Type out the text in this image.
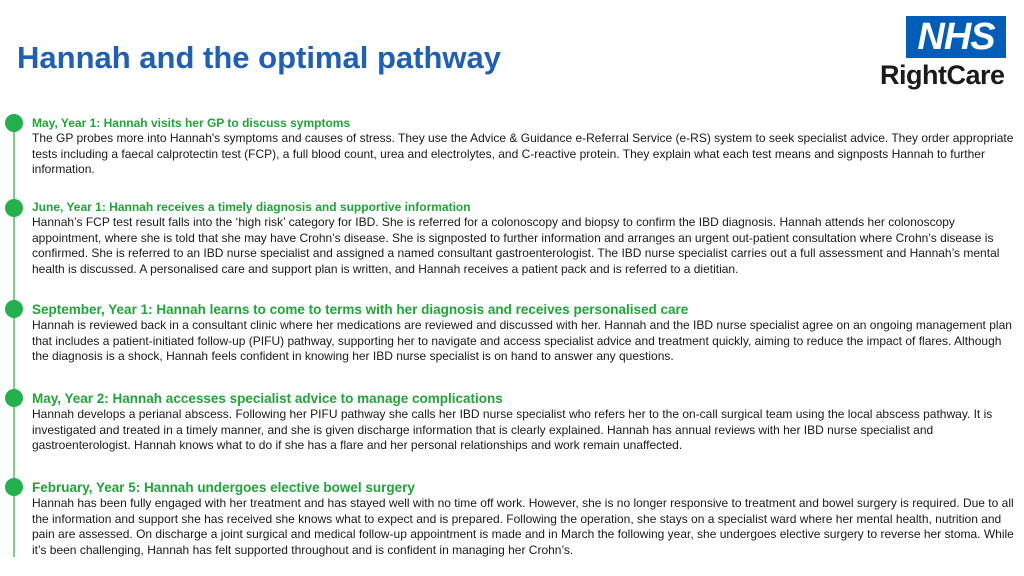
Hannah and the optimal pathway	NHS
RightCare
May, Year 1: Hannah visits her GP to discuss symptoms
The GP probes more into Hannah's symptoms and causes of stress. They use the Advice & Guidance e-Referral Service (e-RS) system to seek specialist advice. They order appropriate tests including a faecal calprotectin test (FCP), a full blood count, urea and electrolytes, and C-reactive protein. They explain what each test means and signposts Hannah to further information.
June, Year 1: Hannah receives a timely diagnosis and supportive information
Hannah’s FCP test result falls into the ‘high risk’ category for IBD. She is referred for a colonoscopy and biopsy to confirm the IBD diagnosis. Hannah attends her colonoscopy appointment, where she is told that she may have Crohn’s disease. She is signposted to further information and arranges an urgent out-patient consultation where Crohn’s disease is confirmed. She is referred to an IBD nurse specialist and assigned a named consultant gastroenterologist. The IBD nurse specialist carries out a full assessment and Hannah’s mental health is discussed. A personalised care and support plan is written, and Hannah receives a patient pack and is referred to a dietitian.
September, Year 1: Hannah learns to come to terms with her diagnosis and receives personalised care
Hannah is reviewed back in a consultant clinic where her medications are reviewed and discussed with her. Hannah and the IBD nurse specialist agree on an ongoing management plan that includes a patient-initiated follow-up (PIFU) pathway, supporting her to navigate and access specialist advice and treatment quickly, aiming to reduce the impact of flares. Although the diagnosis is a shock, Hannah feels confident in knowing her IBD nurse specialist is on hand to answer any questions.
May, Year 2: Hannah accesses specialist advice to manage complications
Hannah develops a perianal abscess. Following her PIFU pathway she calls her IBD nurse specialist who refers her to the on-call surgical team using the local abscess pathway. It is investigated and treated in a timely manner, and she is given discharge information that is clearly explained. Hannah has annual reviews with her IBD nurse specialist and gastroenterologist. Hannah knows what to do if she has a flare and her personal relationships and work remain unaffected.
February, Year 5: Hannah undergoes elective bowel surgery
Hannah has been fully engaged with her treatment and has stayed well with no time off work. However, she is no longer responsive to treatment and bowel surgery is required. Due to all the information and support she has received she knows what to expect and is prepared. Following the operation, she stays on a specialist ward where her mental health, nutrition and pain are assessed. On discharge a joint surgical and medical follow-up appointment is made and in March the following year, she undergoes elective surgery to reverse her stoma. While it’s been challenging, Hannah has felt supported throughout and is confident in managing her Crohn’s.
